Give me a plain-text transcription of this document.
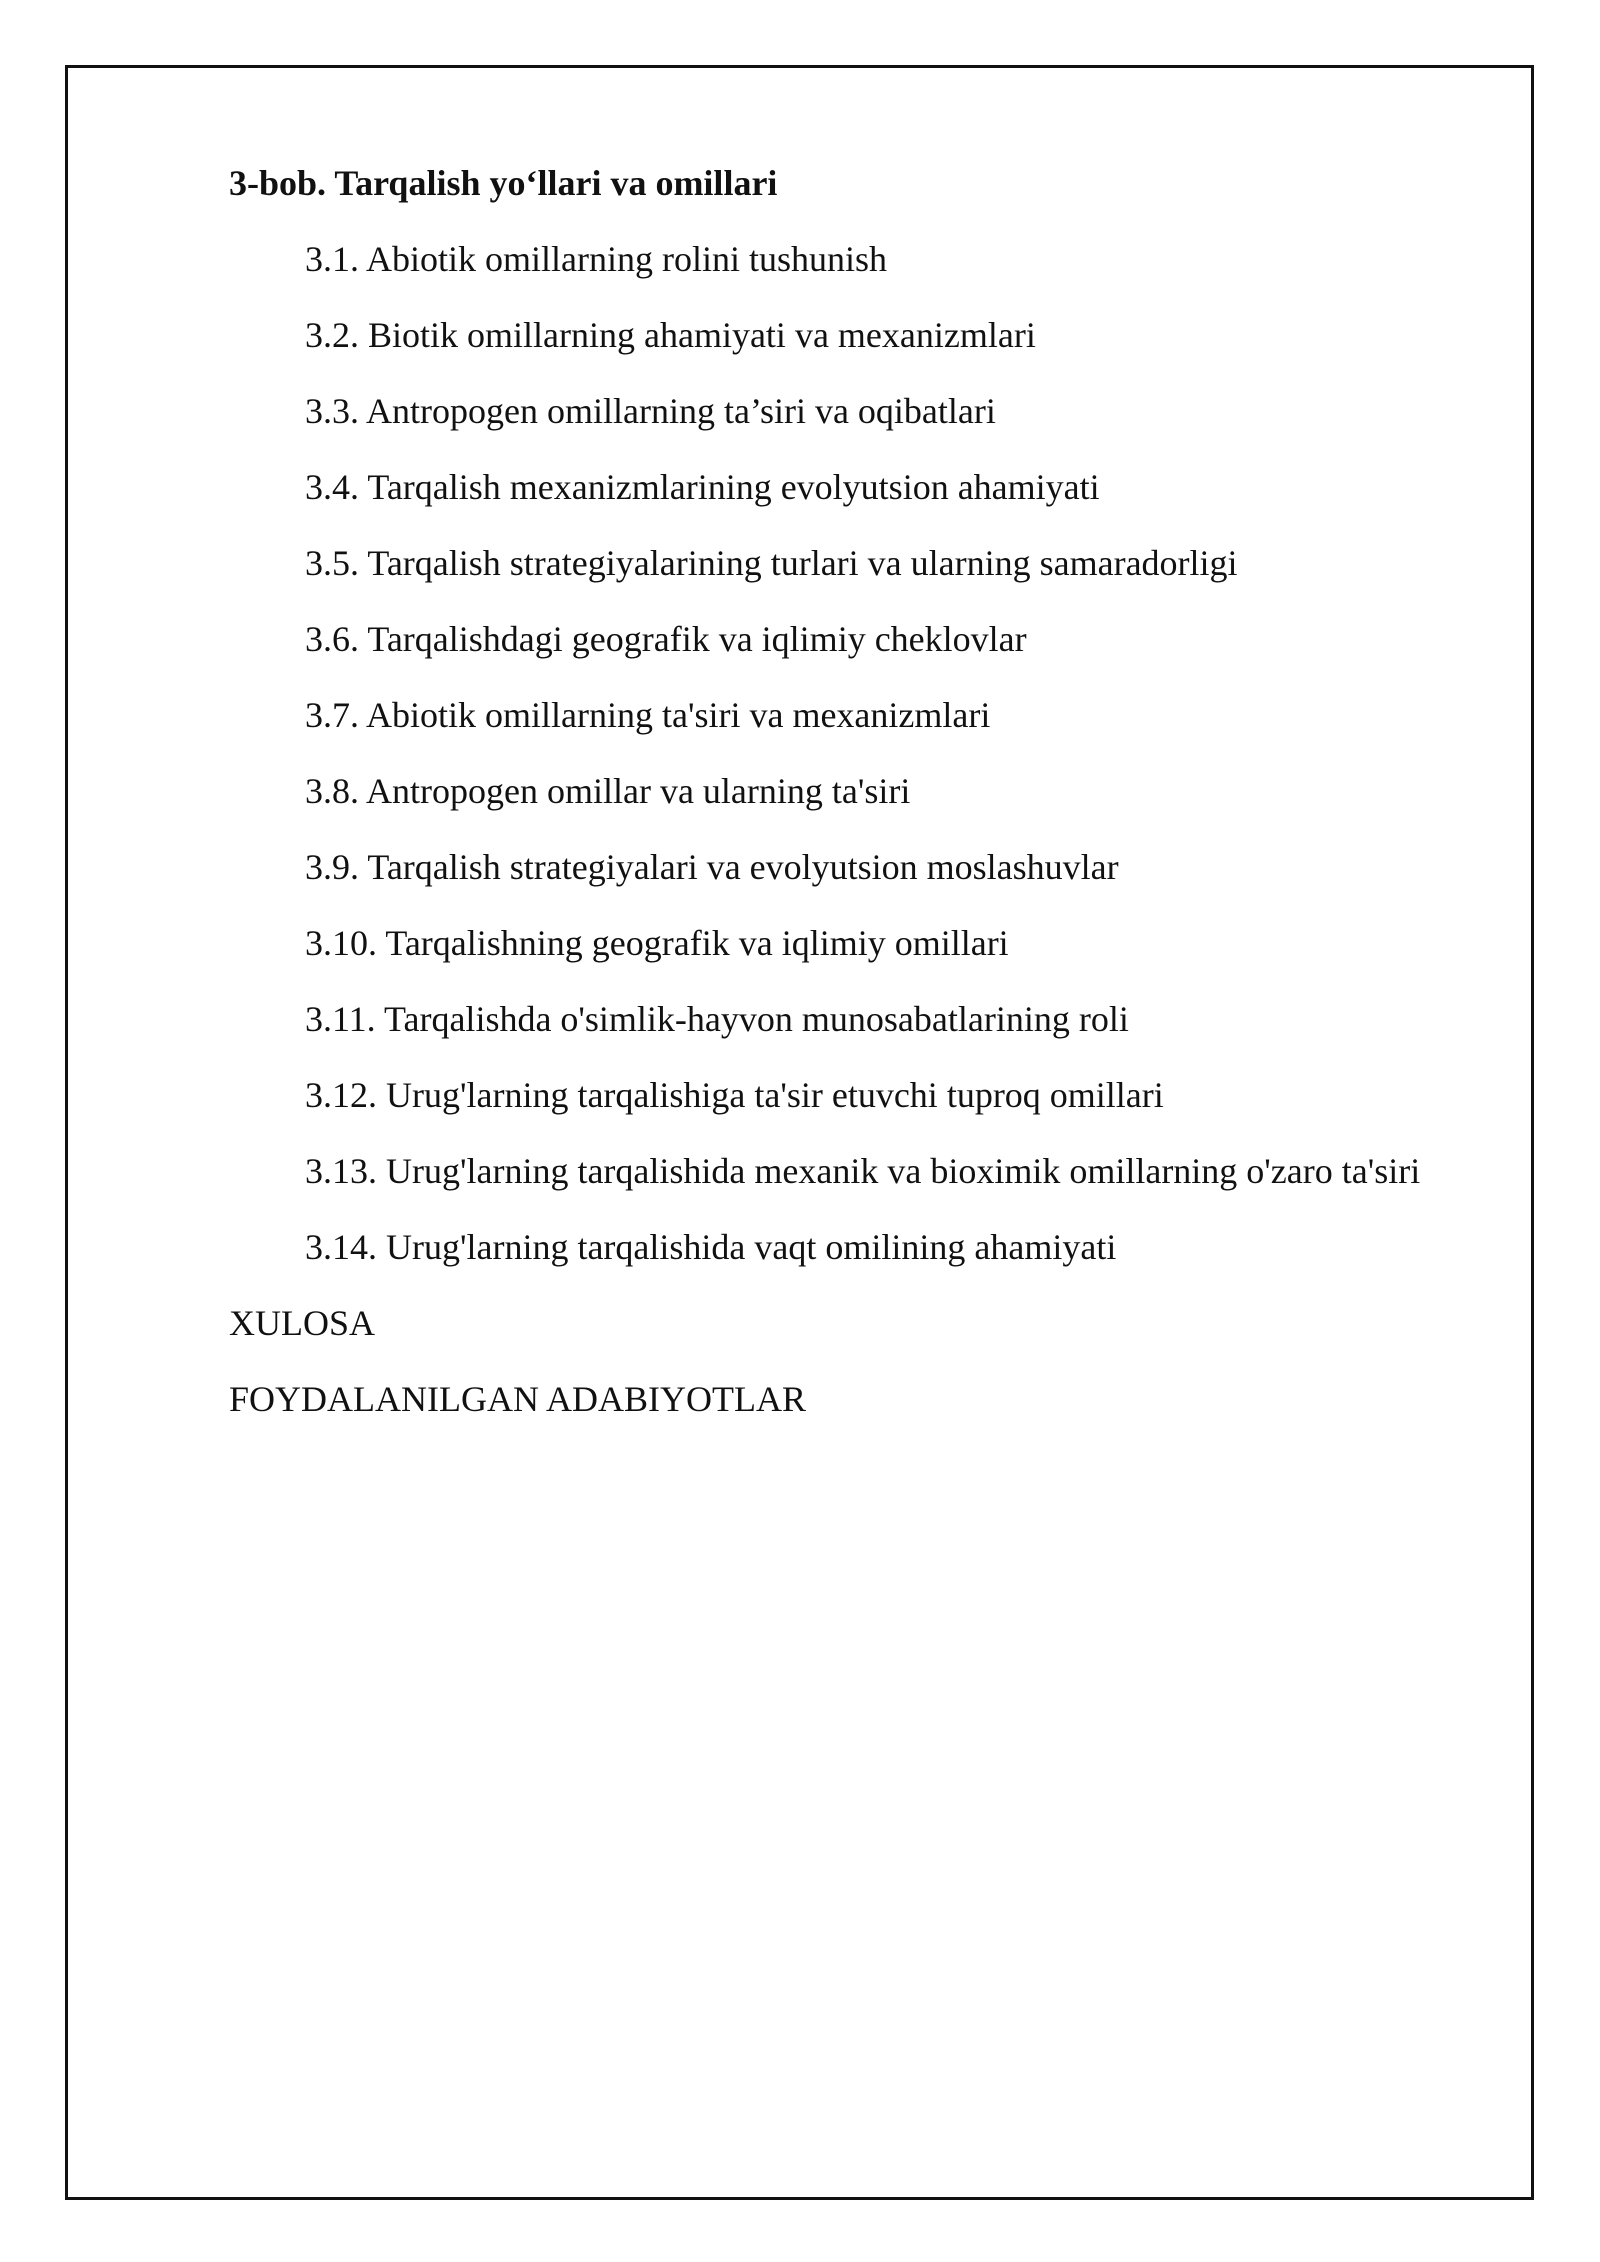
3-bob. Tarqalish yo‘llari va omillari
3.1. Abiotik omillarning rolini tushunish
3.2. Biotik omillarning ahamiyati va mexanizmlari
3.3. Antropogen omillarning ta’siri va oqibatlari
3.4. Tarqalish mexanizmlarining evolyutsion ahamiyati
3.5. Tarqalish strategiyalarining turlari va ularning samaradorligi
3.6. Tarqalishdagi geografik va iqlimiy cheklovlar
3.7. Abiotik omillarning ta'siri va mexanizmlari
3.8. Antropogen omillar va ularning ta'siri
3.9. Tarqalish strategiyalari va evolyutsion moslashuvlar
3.10. Tarqalishning geografik va iqlimiy omillari
3.11. Tarqalishda o'simlik-hayvon munosabatlarining roli
3.12. Urug'larning tarqalishiga ta'sir etuvchi tuproq omillari
3.13. Urug'larning tarqalishida mexanik va bioximik omillarning o'zaro ta'siri
3.14. Urug'larning tarqalishida vaqt omilining ahamiyati
XULOSA
FOYDALANILGAN ADABIYOTLAR
